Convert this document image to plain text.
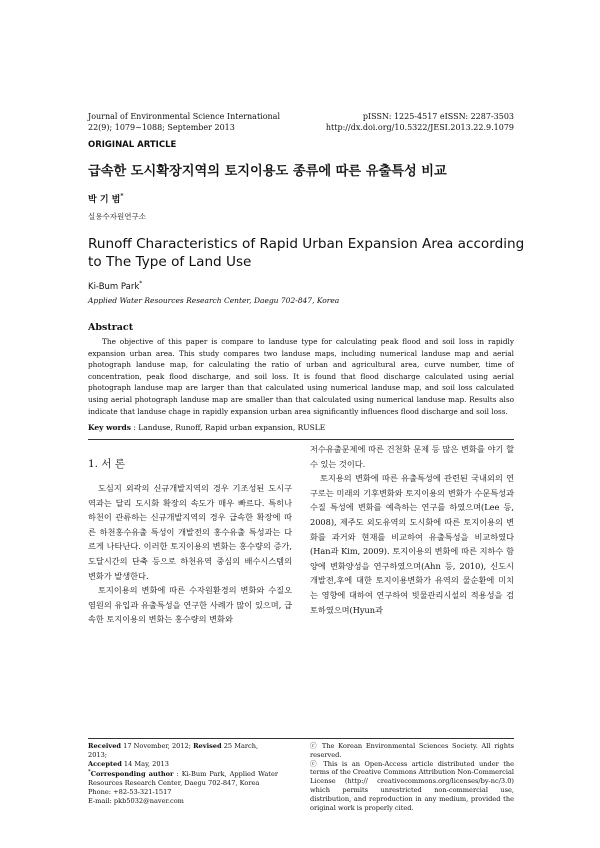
Journal of Environmental Science International
22(9); 1079~1088; September 2013
pISSN: 1225-4517 eISSN: 2287-3503
http://dx.doi.org/10.5322/JESI.2013.22.9.1079
ORIGINAL ARTICLE
급속한 도시확장지역의 토지이용도 종류에 따른 유출특성 비교
박 기 범*
실용수자원연구소
Runoff Characteristics of Rapid Urban Expansion Area according
to The Type of Land Use
Ki-Bum Park*
Applied Water Resources Research Center, Daegu 702-847, Korea
Abstract

The objective of this paper is compare to landuse type for calculating peak flood and soil loss in rapidly expansion urban area. This study compares two landuse maps, including numerical landuse map and aerial photograph landuse map, for calculating the ratio of urban and agricultural area, curve number, time of concentration, peak flood discharge, and soil loss. It is found that flood discharge calculated using aerial photograph landuse map are larger than that calculated using numerical landuse map, and soil loss calculated using aerial photograph landuse map are smaller than that calculated using numerical landuse map. Results also indicate that landuse chage in rapidly expansion urban area significantly influences flood discharge and soil loss.

Key words : Landuse, Runoff, Rapid urban expansion, RUSLE
1. 서 론

도심지 외곽의 신규개발지역의 경우 기조성된 도시구역과는 달리 도시화 확장의 속도가 매우 빠르다. 특히나 하천이 관류하는 신규개발지역의 경우 급속한 확장에 따른 하천홍수유출 특성이 개발전의 홍수유출 특성과는 다르게 나타난다. 이러한 토지이용의 변화는 홍수량의 증가, 도달시간의 단축 등으로 하천유역 중심의 배수시스템의 변화가 발생한다.

토지이용의 변화에 따른 수자원환경의 변화와 수질오염원의 유입과 유출특성을 연구한 사례가 많이 있으며, 급속한 토지이용의 변화는 홍수량의 변화와

저수유출문제에 따른 건천화 문제 등 많은 변화를 야기 할 수 있는 것이다.

토지용의 변화에 따른 유출특성에 관련된 국내외의 연구로는 미래의 기후변화와 토지이용의 변화가 수문특성과 수질 특성에 변화를 예측하는 연구를 하였으며(Lee 등, 2008), 제주도 외도유역의 도시화에 따른 토지이용의 변화를 과거와 현재를 비교하여 유출특성을 비교하였다(Han과 Kim, 2009). 토지이용의 변화에 따른 지하수 함양에 변화양성을 연구하였으며(Ahn 등, 2010), 신도시 개발전,후에 대한 토지이용변화가 유역의 물순환에 미치는 영향에 대하여 연구하여 빗물관리시설의 적용성을 검토하였으며(Hyun과

Received 17 November, 2012; Revised 25 March, 2013;
Accepted 14 May, 2013
*Corresponding author : Ki-Bum Park, Applied Water Resources Research Center, Daegu 702-847, Korea
Phone: +82-53-321-1517
E-mail: pkb5032@naver.com
ⓒ The Korean Environmental Sciences Society. All rights reserved.
ⓒ This is an Open-Access article distributed under the terms of the Creative Commons Attribution Non-Commercial License (http:// creativecommons.org/licenses/by-nc/3.0) which permits unrestricted non-commercial use, distribution, and reproduction in any medium, provided the original work is properly cited.
